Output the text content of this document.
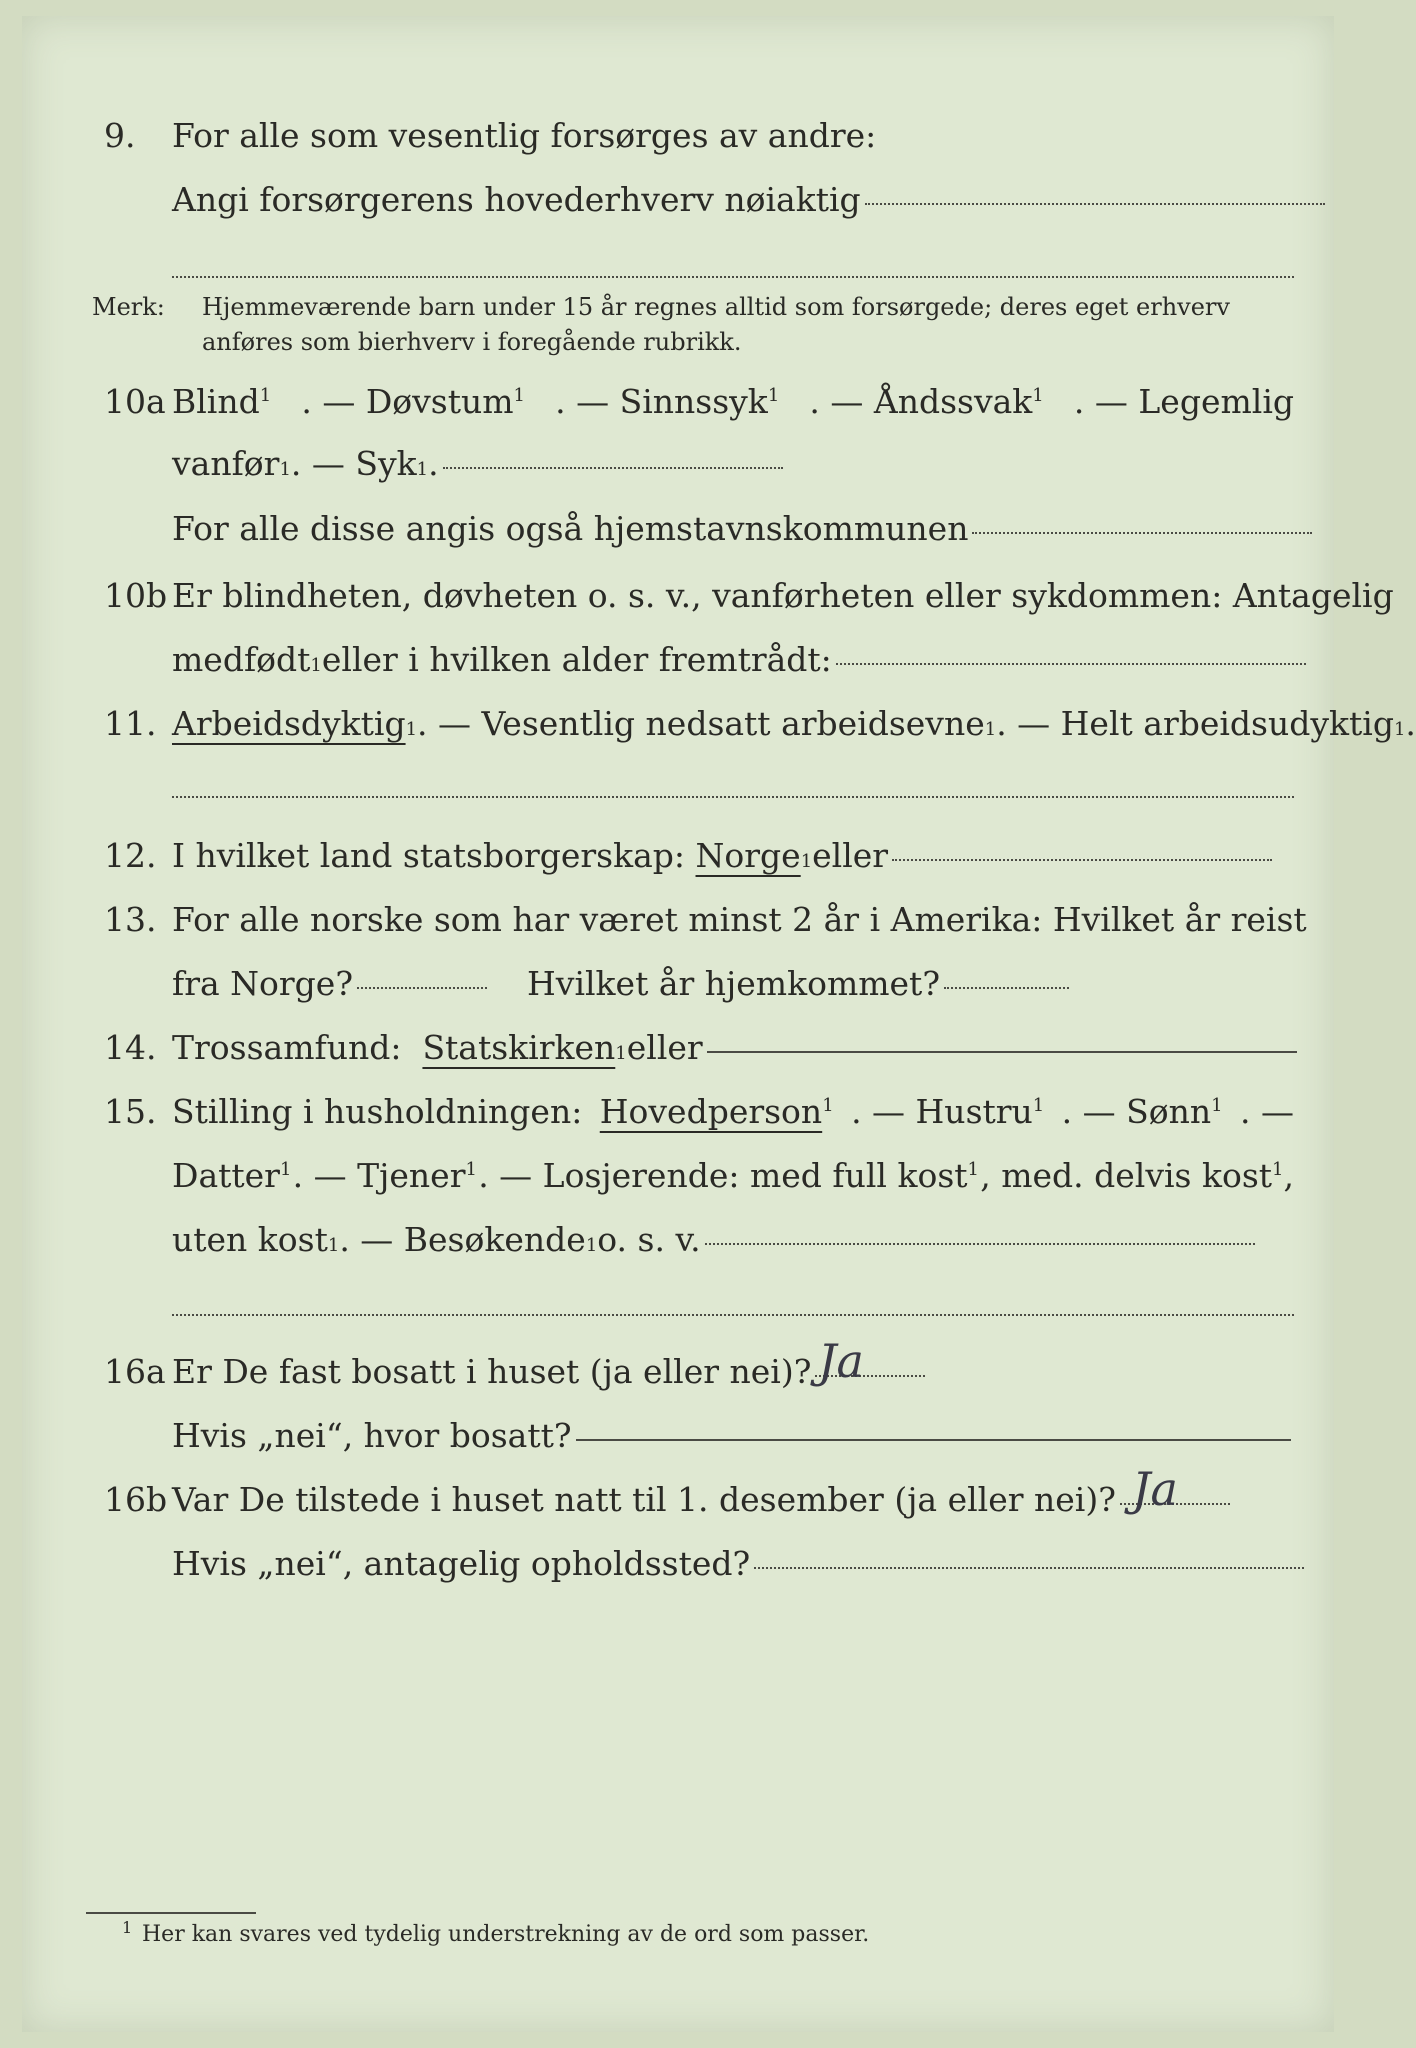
9. For alle som vesentlig forsørges av andre:
Angi forsørgerens hovederhverv nøiaktig
Merk: Hjemmeværende barn under 15 år regnes alltid som forsørgede; deres eget erhverv anføres som bierhverv i foregående rubrikk.
10a Blind$^1$ . — Døvstum$^1$ . — Sinnssyk$^1$ . — Åndssvak$^1$ . — Legemlig
vanfør 1 . — Syk 1 .
For alle disse angis også hjemstavnskommunen
10b Er blindheten, døvheten o. s. v., vanførheten eller sykdommen: Antagelig
medfødt 1 eller i hvilken alder fremtrådt:
11. Arbeidsdyktig 1 . — Vesentlig nedsatt arbeidsevne 1 . — Helt arbeidsudyktig 1 .
12. I hvilket land statsborgerskap:
Norge 1 eller
13. For alle norske som har været minst 2 år i Amerika: Hvilket år reist
fra Norge?	Hvilket år hjemkommet?
14. Trossamfund:
Statskirken 1 eller
15. Stilling i husholdningen: Hovedperson$^1$ . — Hustru$^1$ . — Sønn$^1$ . —
Datter$^1$ . — Tjener$^1$ . — Losjerende: med full kost$^1$ , med. delvis kost$^1$,
uten kost 1 . — Besøkende 1 o. s. v.
16a Er De fast bosatt i huset (ja eller nei)? Ja
Hvis „nei“, hvor bosatt?
16b Var De tilstede i huset natt til 1. desember (ja eller nei)? Ja
Hvis „nei“, antagelig opholdssted?
1 Her kan svares ved tydelig understrekning av de ord som passer.
